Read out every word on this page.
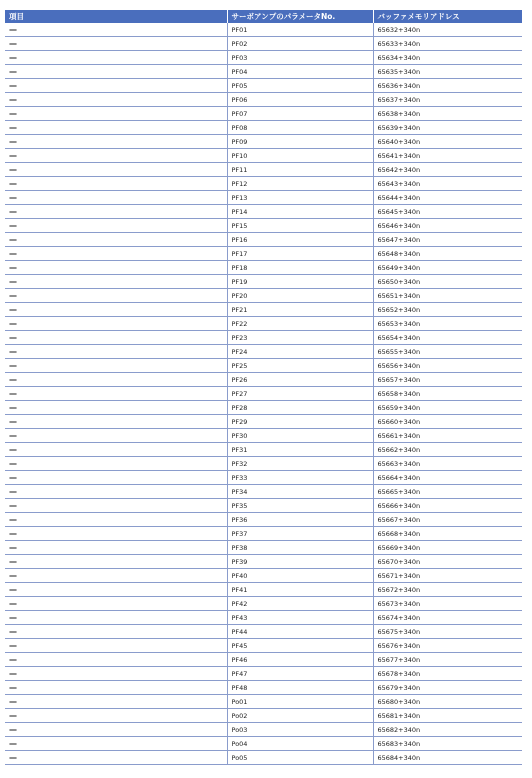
項目	サーボアンプのパラメータNo.	バッファメモリアドレス
—	PF01	65632+340n
—	PF02	65633+340n
—	PF03	65634+340n
—	PF04	65635+340n
—	PF05	65636+340n
—	PF06	65637+340n
—	PF07	65638+340n
—	PF08	65639+340n
—	PF09	65640+340n
—	PF10	65641+340n
—	PF11	65642+340n
—	PF12	65643+340n
—	PF13	65644+340n
—	PF14	65645+340n
—	PF15	65646+340n
—	PF16	65647+340n
—	PF17	65648+340n
—	PF18	65649+340n
—	PF19	65650+340n
—	PF20	65651+340n
—	PF21	65652+340n
—	PF22	65653+340n
—	PF23	65654+340n
—	PF24	65655+340n
—	PF25	65656+340n
—	PF26	65657+340n
—	PF27	65658+340n
—	PF28	65659+340n
—	PF29	65660+340n
—	PF30	65661+340n
—	PF31	65662+340n
—	PF32	65663+340n
—	PF33	65664+340n
—	PF34	65665+340n
—	PF35	65666+340n
—	PF36	65667+340n
—	PF37	65668+340n
—	PF38	65669+340n
—	PF39	65670+340n
—	PF40	65671+340n
—	PF41	65672+340n
—	PF42	65673+340n
—	PF43	65674+340n
—	PF44	65675+340n
—	PF45	65676+340n
—	PF46	65677+340n
—	PF47	65678+340n
—	PF48	65679+340n
—	Po01	65680+340n
—	Po02	65681+340n
—	Po03	65682+340n
—	Po04	65683+340n
—	Po05	65684+340n
